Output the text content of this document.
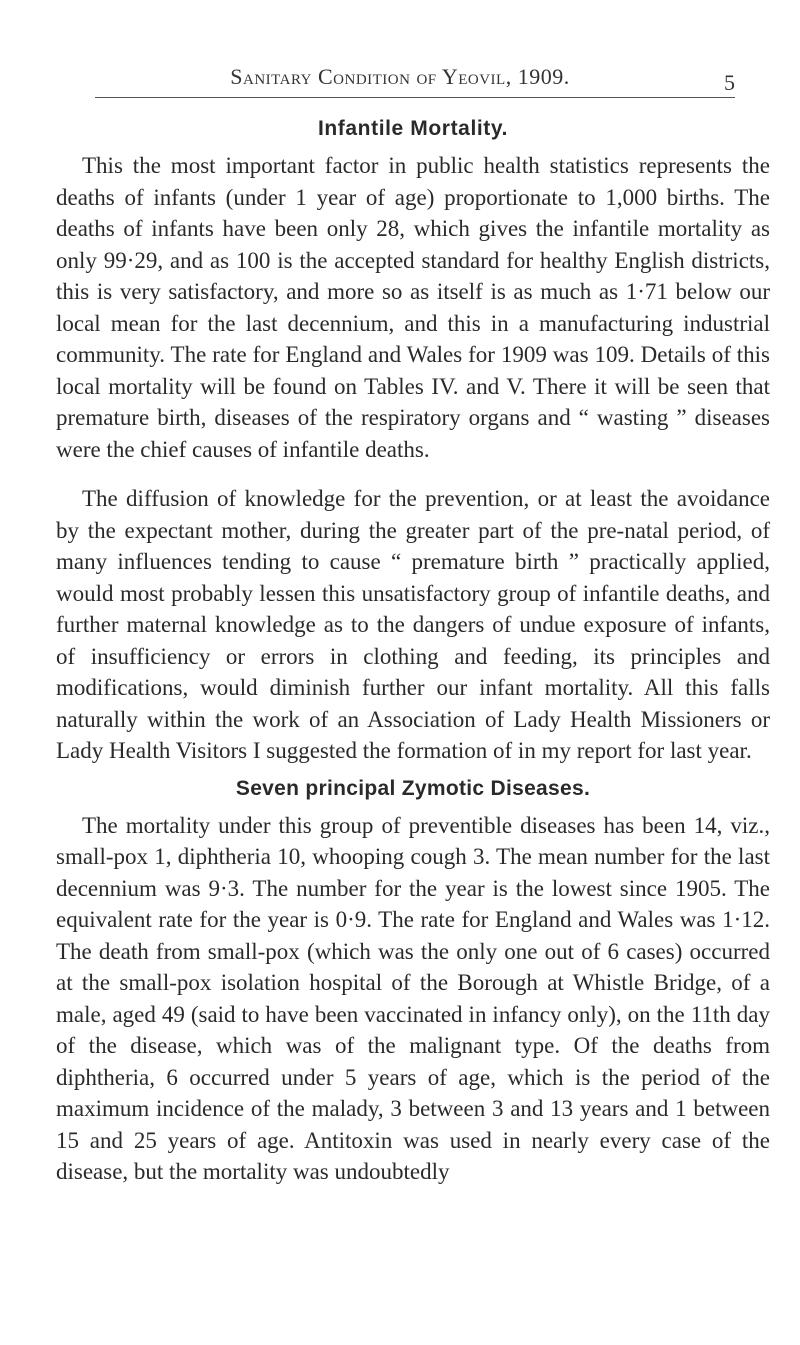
Sanitary Condition of Yeovil, 1909.	5
Infantile Mortality.

This the most important factor in public health statistics represents the deaths of infants (under 1 year of age) proportionate to 1,000 births. The deaths of infants have been only 28, which gives the infantile mortality as only 99·29, and as 100 is the accepted standard for healthy English districts, this is very satisfactory, and more so as itself is as much as 1·71 below our local mean for the last decennium, and this in a manufacturing industrial community. The rate for England and Wales for 1909 was 109. Details of this local mortality will be found on Tables IV. and V. There it will be seen that premature birth, diseases of the respiratory organs and “ wasting ” diseases were the chief causes of infantile deaths.

The diffusion of knowledge for the prevention, or at least the avoidance by the expectant mother, during the greater part of the pre-natal period, of many influences tending to cause “ premature birth ” practically applied, would most probably lessen this unsatisfactory group of infantile deaths, and further maternal knowledge as to the dangers of undue exposure of infants, of insufficiency or errors in clothing and feeding, its principles and modifications, would diminish further our infant mortality. All this falls naturally within the work of an Association of Lady Health Missioners or Lady Health Visitors I suggested the formation of in my report for last year.

Seven principal Zymotic Diseases.

The mortality under this group of preventible diseases has been 14, viz., small-pox 1, diphtheria 10, whooping cough 3. The mean number for the last decennium was 9·3. The number for the year is the lowest since 1905. The equivalent rate for the year is 0·9. The rate for England and Wales was 1·12. The death from small-pox (which was the only one out of 6 cases) occurred at the small-pox isolation hospital of the Borough at Whistle Bridge, of a male, aged 49 (said to have been vaccinated in infancy only), on the 11th day of the disease, which was of the malignant type. Of the deaths from diphtheria, 6 occurred under 5 years of age, which is the period of the maximum incidence of the malady, 3 between 3 and 13 years and 1 between 15 and 25 years of age. Antitoxin was used in nearly every case of the disease, but the mortality was undoubtedly
